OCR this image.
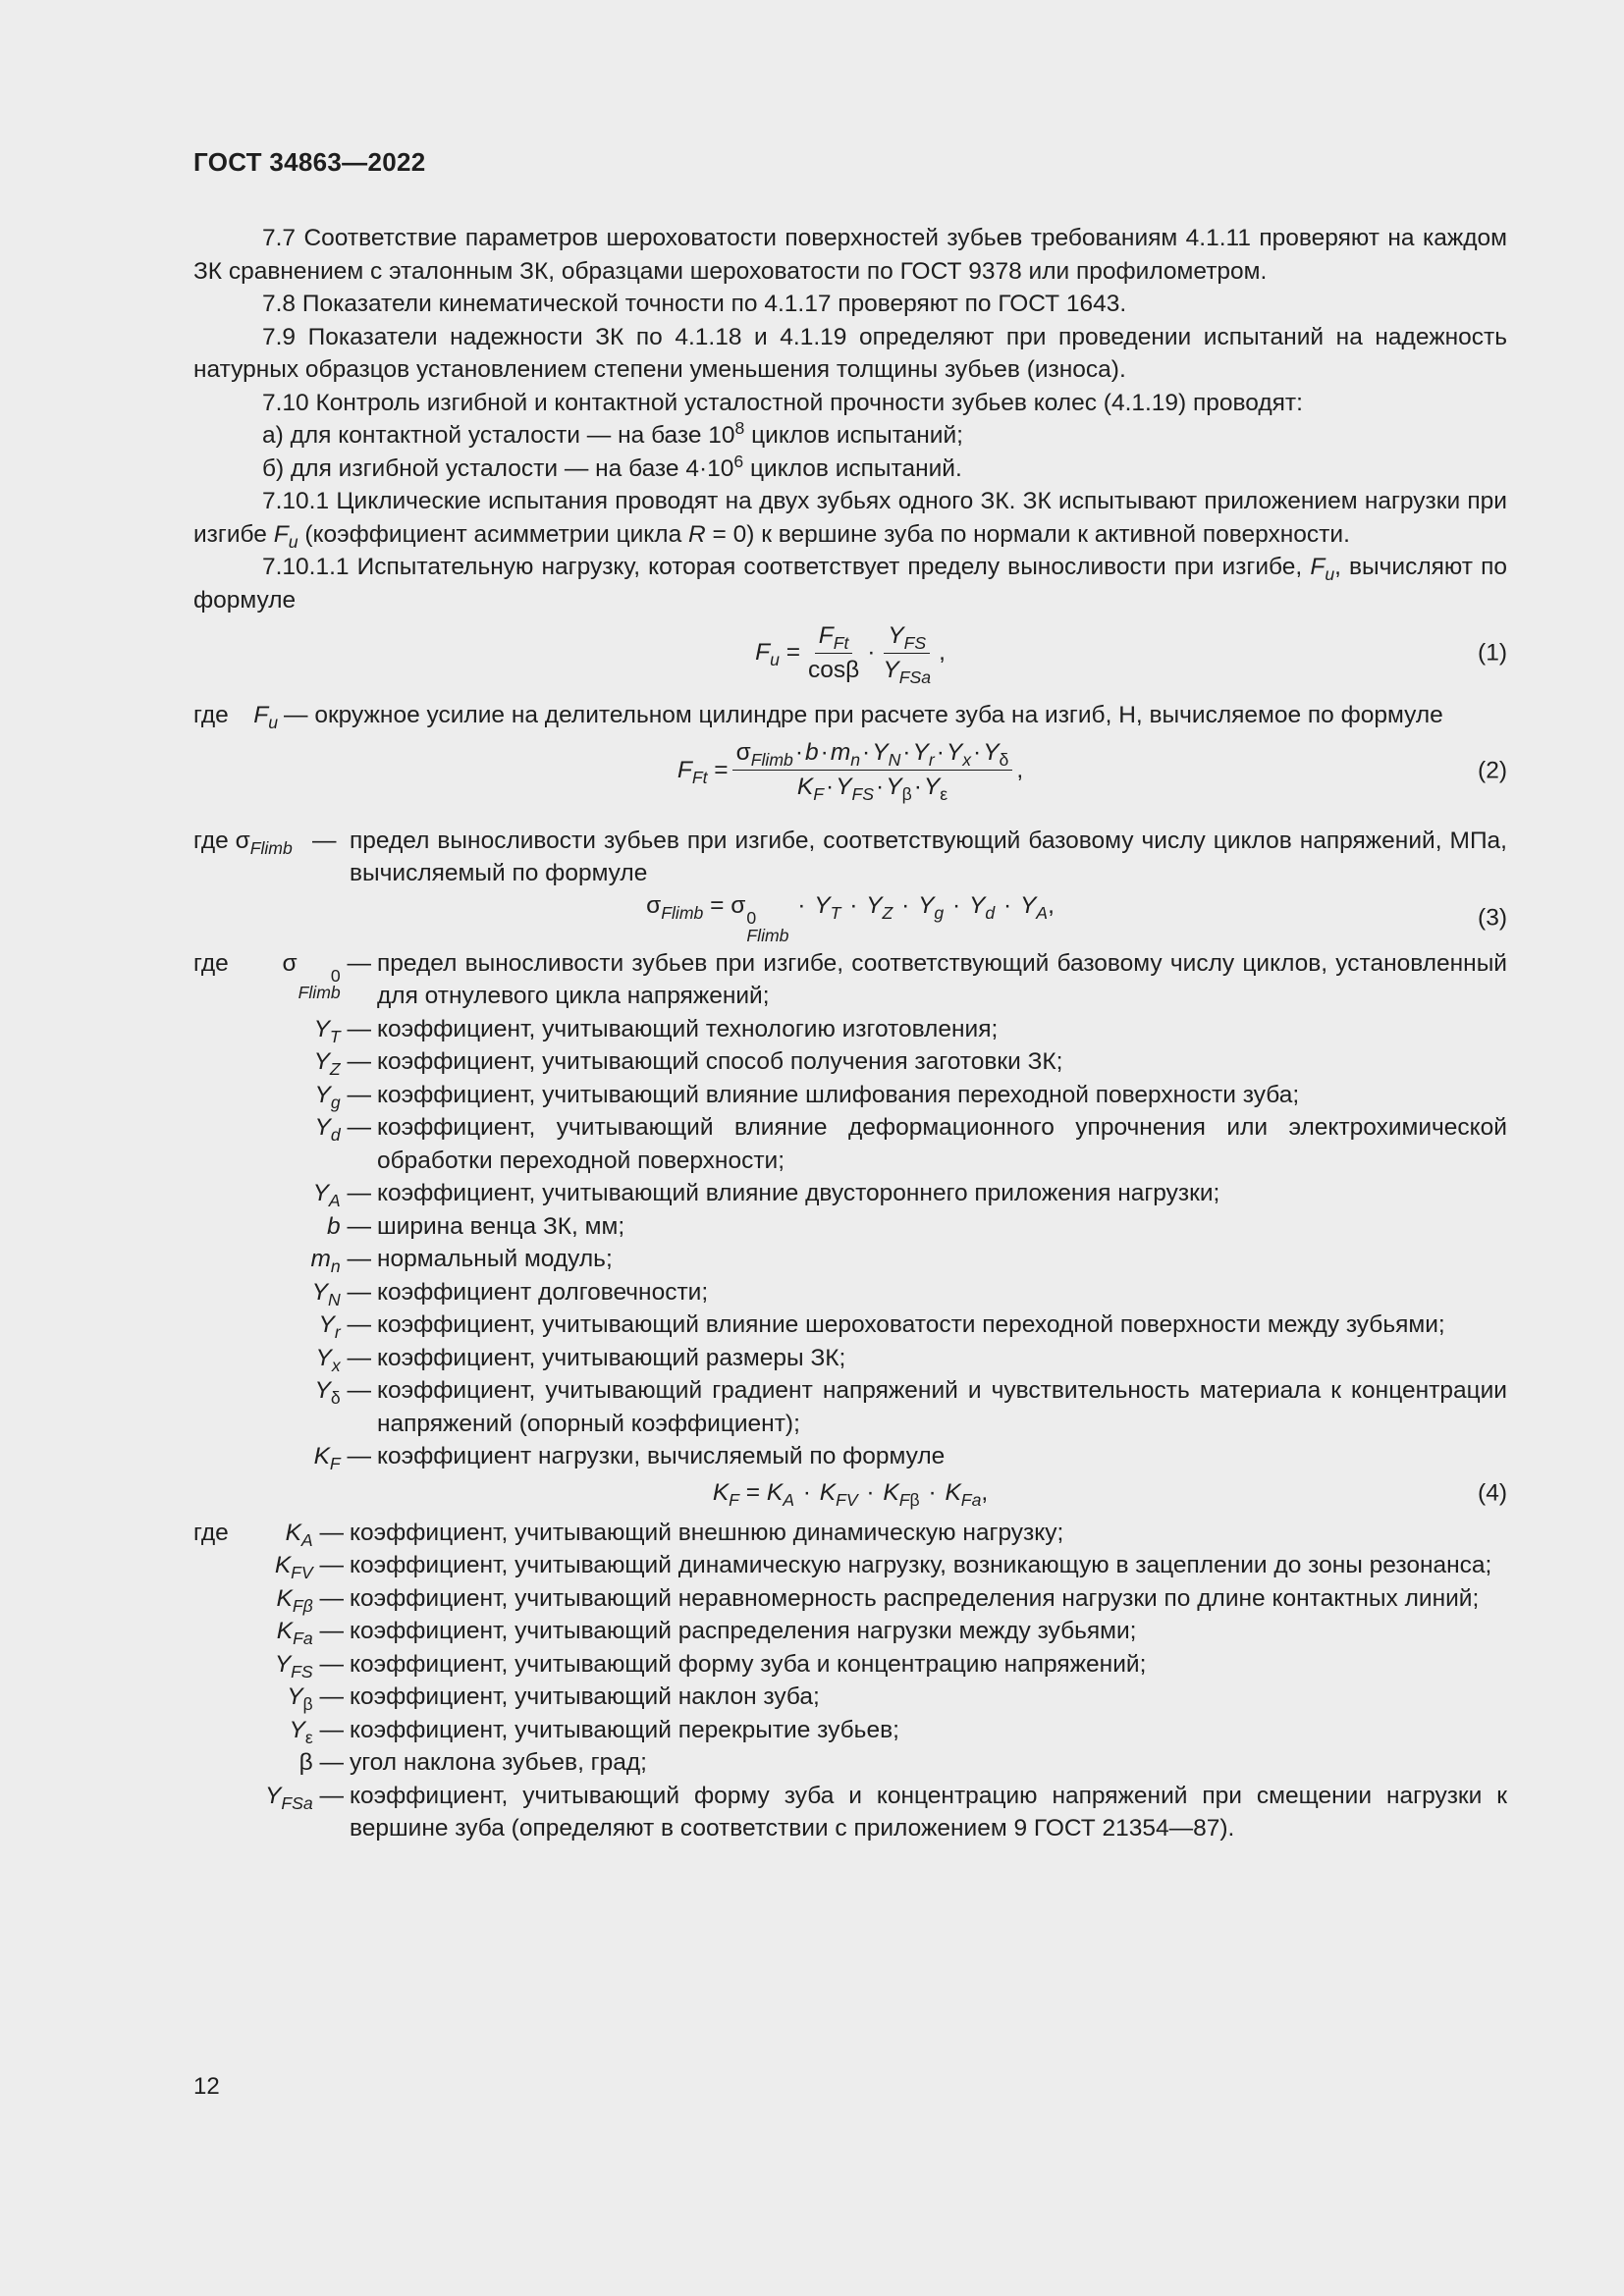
ГОСТ 34863—2022

7.7 Соответствие параметров шероховатости поверхностей зубьев требованиям 4.1.11 проверяют на каждом ЗК сравнением с эталонным ЗК, образцами шероховатости по ГОСТ 9378 или профилометром.

7.8 Показатели кинематической точности по 4.1.17 проверяют по ГОСТ 1643.

7.9 Показатели надежности ЗК по 4.1.18 и 4.1.19 определяют при проведении испытаний на надежность натурных образцов установлением степени уменьшения толщины зубьев (износа).

7.10 Контроль изгибной и контактной усталостной прочности зубьев колес (4.1.19) проводят:

а) для контактной усталости — на базе $10^8$ циклов испытаний;

б) для изгибной усталости — на базе $4\cdot 10^6$ циклов испытаний.

7.10.1 Циклические испытания проводят на двух зубьях одного ЗК. ЗК испытывают приложением нагрузки при изгибе $F_и$ (коэффициент асимметрии цикла R = 0) к вершине зуба по нормали к активной поверхности.

7.10.1.1 Испытательную нагрузку, которая соответствует пределу выносливости при изгибе, $F_и$, вычисляют по формуле

$F_и = \frac{F_{Ft}}{\cos\beta} \cdot \frac{Y_{FS}}{Y_{FSa}}$ ,	(1)
где	$F_и$ — окружное усилие на делительном цилиндре при расчете зуба на изгиб, Н, вычисляемое по формуле
$F_{Ft} = \frac{\sigma_{Flimb}\cdot b\cdot m_n\cdot Y_N\cdot Y_r\cdot Y_x\cdot Y_\delta}{K_F\cdot Y_{FS}\cdot Y_\beta\cdot Y_\varepsilon}$ ,	(2)
где $\sigma_{Flimb}$ — предел выносливости зубьев при изгибе, соответствующий базовому числу циклов напряжений, МПа, вычисляемый по формуле
$\sigma_{Flimb} = \sigma$ 0
Flimb
· $Y_T \cdot Y_Z \cdot Y_g \cdot Y_d \cdot Y_A$,	(3)
где σ	0
Flimb
— предел выносливости зубьев при изгибе, соответствующий базовому числу циклов, установленный для отнулевого цикла напряжений;
$Y_T$ — коэффициент, учитывающий технологию изготовления;
$Y_Z$ — коэффициент, учитывающий способ получения заготовки ЗК;
$Y_g$ — коэффициент, учитывающий влияние шлифования переходной поверхности зуба;
$Y_d$ — коэффициент, учитывающий влияние деформационного упрочнения или электрохимической обработки переходной поверхности;
$Y_A$ — коэффициент, учитывающий влияние двустороннего приложения нагрузки;
b — ширина венца ЗК, мм;
$m_n$ — нормальный модуль;
$Y_N$ — коэффициент долговечности;
$Y_r$ — коэффициент, учитывающий влияние шероховатости переходной поверхности между зубьями;
$Y_x$ — коэффициент, учитывающий размеры ЗК;
$Y_\delta$ — коэффициент, учитывающий градиент напряжений и чувствительность материала к концентрации напряжений (опорный коэффициент);
$K_F$ — коэффициент нагрузки, вычисляемый по формуле
$K_F = K_A \cdot K_{FV} \cdot K_{F\beta} \cdot K_{Fa}$,	(4)
где $K_A$ — коэффициент, учитывающий внешнюю динамическую нагрузку;
$K_{FV}$ — коэффициент, учитывающий динамическую нагрузку, возникающую в зацеплении до зоны резонанса;
$K_{F\beta}$ — коэффициент, учитывающий неравномерность распределения нагрузки по длине контактных линий;
$K_{Fa}$ — коэффициент, учитывающий распределения нагрузки между зубьями;
$Y_{FS}$ — коэффициент, учитывающий форму зуба и концентрацию напряжений;
$Y_\beta$ — коэффициент, учитывающий наклон зуба;
$Y_\varepsilon$ — коэффициент, учитывающий перекрытие зубьев;
β — угол наклона зубьев, град;
$Y_{FSa}$ — коэффициент, учитывающий форму зуба и концентрацию напряжений при смещении нагрузки к вершине зуба (определяют в соответствии с приложением 9 ГОСТ 21354—87).
12
